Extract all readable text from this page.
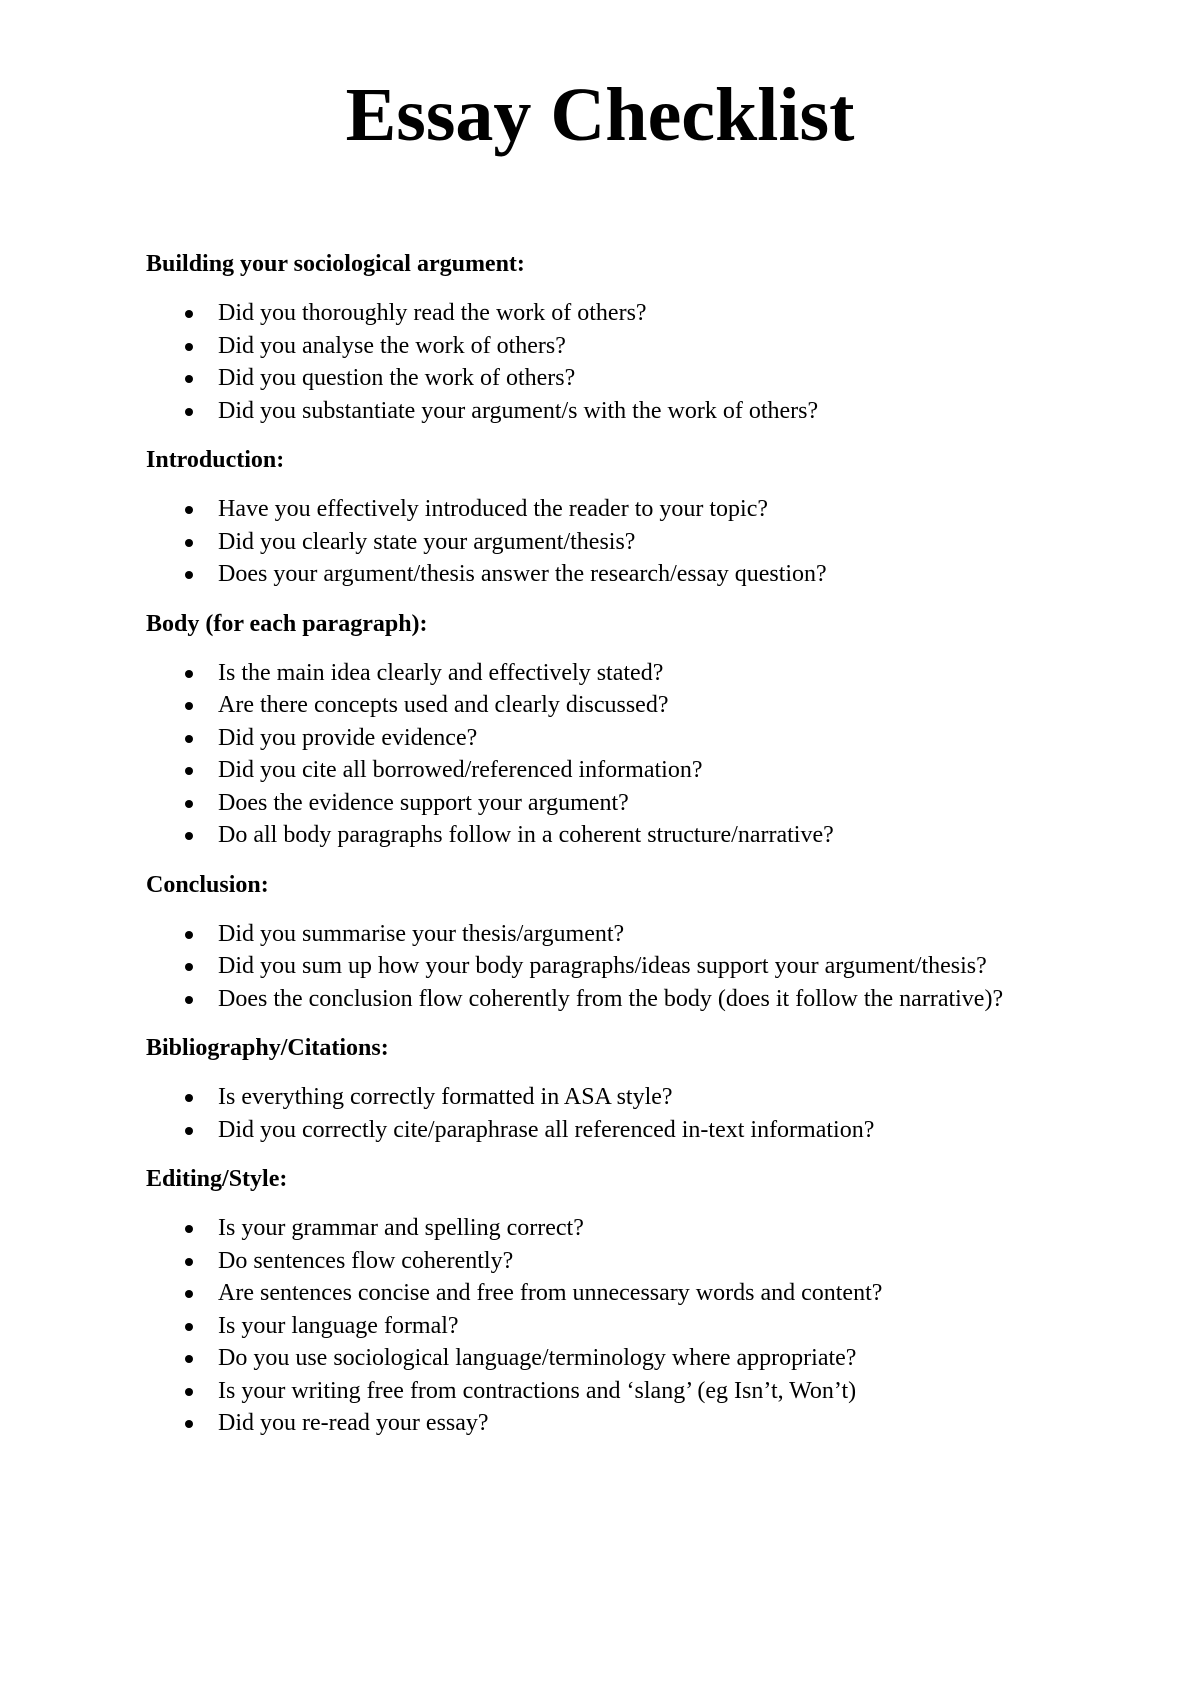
Essay Checklist
Building your sociological argument:
Did you thoroughly read the work of others?
Did you analyse the work of others?
Did you question the work of others?
Did you substantiate your argument/s with the work of others?
Introduction:
Have you effectively introduced the reader to your topic?
Did you clearly state your argument/thesis?
Does your argument/thesis answer the research/essay question?
Body (for each paragraph):
Is the main idea clearly and effectively stated?
Are there concepts used and clearly discussed?
Did you provide evidence?
Did you cite all borrowed/referenced information?
Does the evidence support your argument?
Do all body paragraphs follow in a coherent structure/narrative?
Conclusion:
Did you summarise your thesis/argument?
Did you sum up how your body paragraphs/ideas support your argument/thesis?
Does the conclusion flow coherently from the body (does it follow the narrative)?
Bibliography/Citations:
Is everything correctly formatted in ASA style?
Did you correctly cite/paraphrase all referenced in-text information?
Editing/Style:
Is your grammar and spelling correct?
Do sentences flow coherently?
Are sentences concise and free from unnecessary words and content?
Is your language formal?
Do you use sociological language/terminology where appropriate?
Is your writing free from contractions and ‘slang’ (eg Isn’t, Won’t)
Did you re-read your essay?
